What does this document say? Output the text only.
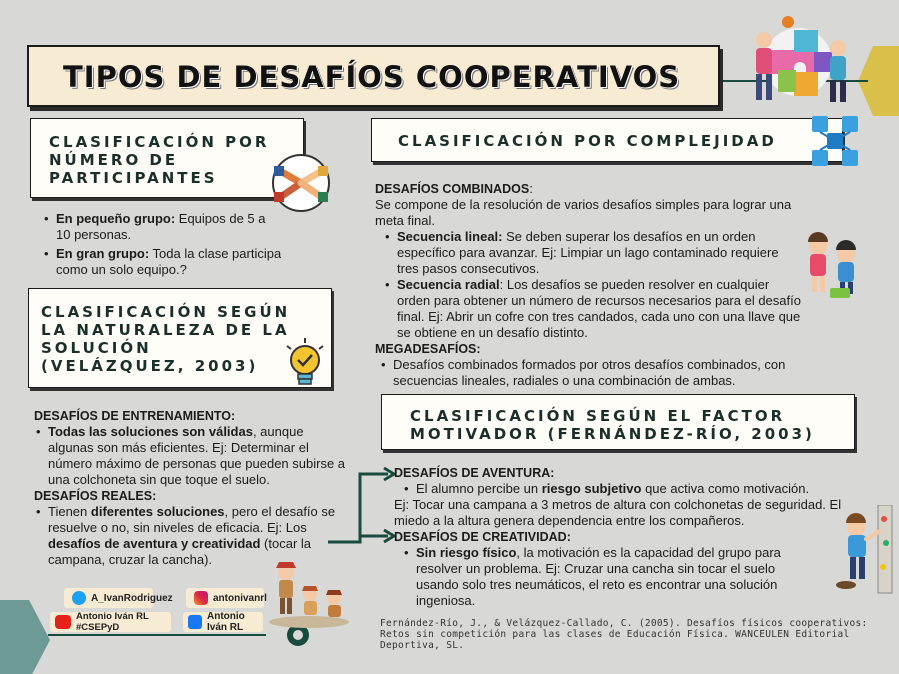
TIPOS DE DESAFÍOS COOPERATIVOS
CLASIFICACIÓN POR
NÚMERO DE
PARTICIPANTES
• En pequeño grupo: Equipos de 5 a 10 personas.
• En gran grupo: Toda la clase participa como un solo equipo.?
CLASIFICACIÓN SEGÚN
LA NATURALEZA DE LA
SOLUCIÓN
(VELÁZQUEZ, 2003)
DESAFÍOS DE ENTRENAMIENTO:
• Todas las soluciones son válidas, aunque algunas son más eficientes. Ej: Determinar el número máximo de personas que pueden subirse a una colchoneta sin que toque el suelo.
DESAFÍOS REALES:
• Tienen diferentes soluciones, pero el desafío se resuelve o no, sin niveles de eficacia. Ej: Los desafíos de aventura y creatividad (tocar la campana, cruzar la cancha).
CLASIFICACIÓN POR COMPLEJIDAD
DESAFÍOS COMBINADOS:
Se compone de la resolución de varios desafíos simples para lograr una meta final.
• Secuencia lineal: Se deben superar los desafíos en un orden específico para avanzar. Ej: Limpiar un lago contaminado requiere tres pasos consecutivos.
• Secuencia radial: Los desafíos se pueden resolver en cualquier orden para obtener un número de recursos necesarios para el desafío final. Ej: Abrir un cofre con tres candados, cada uno con una llave que se obtiene en un desafío distinto.
MEGADESAFÍOS:
• Desafíos combinados formados por otros desafíos combinados, con secuencias lineales, radiales o una combinación de ambas.
CLASIFICACIÓN SEGÚN EL FACTOR
MOTIVADOR (FERNÁNDEZ-RÍO, 2003)
DESAFÍOS DE AVENTURA:
• El alumno percibe un riesgo subjetivo que activa como motivación.
Ej: Tocar una campana a 3 metros de altura con colchonetas de seguridad. El miedo a la altura genera dependencia entre los compañeros.
DESAFÍOS DE CREATIVIDAD:
• Sin riesgo físico, la motivación es la capacidad del grupo para resolver un problema. Ej: Cruzar una cancha sin tocar el suelo usando solo tres neumáticos, el reto es encontrar una solución ingeniosa.
A_IvanRodriguez	antonivanrl
Antonio Iván RL #CSEPyD
Antonio Iván RL	Fernández-Río, J., & Velázquez-Callado, C. (2005). Desafíos físicos cooperativos: Retos sin competición para las clases de Educación Física. WANCEULEN Editorial Deportiva, SL.
